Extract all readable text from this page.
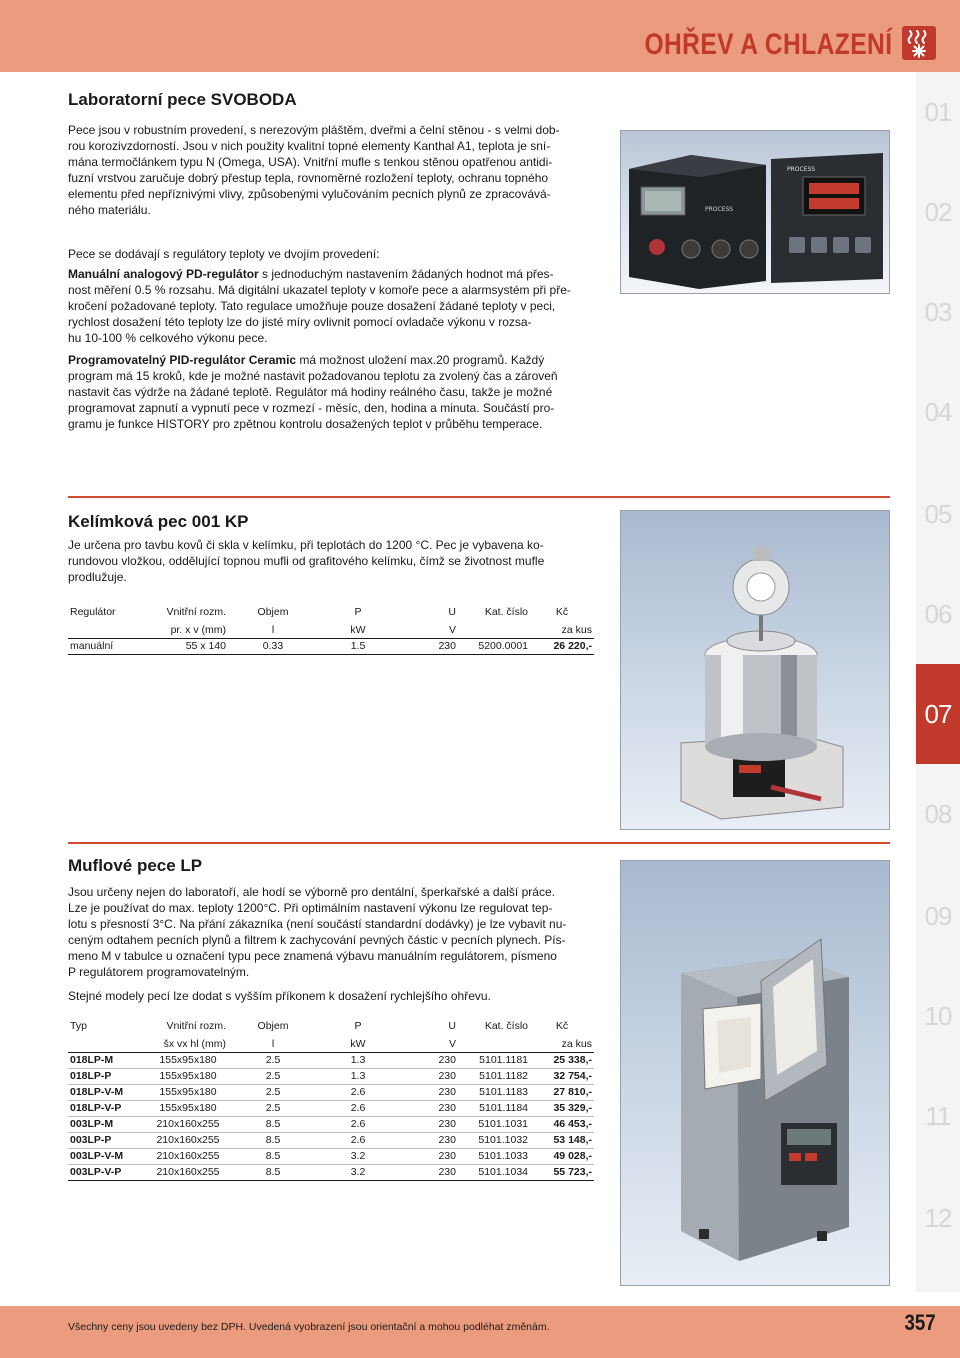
OHŘEV A CHLAZENÍ
01
02
03
04
05
06
07
08
09
10
11
12
Laboratorní pece SVOBODA
Pece jsou v robustním provedení, s nerezovým pláštěm, dveřmi a čelní stěnou - s velmi dob-
rou korozivzdorností. Jsou v nich použity kvalitní topné elementy Kanthal A1, teplota je sní-
mána termočlánkem typu N (Omega, USA). Vnitřní mufle s tenkou stěnou opatřenou antidi-
fuzní vrstvou zaručuje dobrý přestup tepla, rovnoměrné rozložení teploty, ochranu topného
elementu před nepříznivými vlivy, způsobenými vylučováním pecních plynů ze zpracovává-
ného materiálu.
Pece se dodávají s regulátory teploty ve dvojím provedení:
Manuální analogový PD-regulátor s jednoduchým nastavením žádaných hodnot má přes-
nost měření 0.5 % rozsahu. Má digitální ukazatel teploty v komoře pece a alarmsystém při pře-
kročení požadované teploty. Tato regulace umožňuje pouze dosažení žádané teploty v peci,
rychlost dosažení této teploty lze do jisté míry ovlivnit pomocí ovladače výkonu v rozsa-
hu 10-100 % celkového výkonu pece.
Programovatelný PID-regulátor Ceramic má možnost uložení max.20 programů. Každý
program má 15 kroků, kde je možné nastavit požadovanou teplotu za zvolený čas a zároveň
nastavit čas výdrže na žádané teplotě. Regulátor má hodiny reálného času, takže je možné
programovat zapnutí a vypnutí pece v rozmezí - měsíc, den, hodina a minuta. Součástí pro-
gramu je funkce HISTORY pro zpětnou kontrolu dosažených teplot v průběhu temperace.
PROCESS
PROCESS
Kelímková pec 001 KP
Je určena pro tavbu kovů či skla v kelímku, při teplotách do 1200 °C. Pec je vybavena ko-
rundovou vložkou, oddělující topnou mufli od grafitového kelímku, čímž se životnost mufle
prodlužuje.
Regulátor	Vnitřní rozm.	Objem	P	U	Kat. číslo	Kč
	pr. x v (mm)	l	kW	V		za kus
manuální	55 x 140	0.33	1.5	230	5200.0001	26 220,-
Muflové pece LP
Jsou určeny nejen do laboratoří, ale hodí se výborně pro dentální, šperkařské a další práce.
Lze je používat do max. teploty 1200°C. Při optimálním nastavení výkonu lze regulovat tep-
lotu s přesností 3°C. Na přání zákazníka (není součástí standardní dodávky) je lze vybavit nu-
ceným odtahem pecních plynů a filtrem k zachycování pevných částic v pecních plynech. Pís-
meno M v tabulce u označení typu pece znamená výbavu manuálním regulátorem, písmeno
P regulátorem programovatelným.
Stejné modely pecí lze dodat s vyšším příkonem k dosažení rychlejšího ohřevu.
Typ	Vnitřní rozm.	Objem	P	U	Kat. číslo	Kč
	šx vx hl (mm)	l	kW	V		za kus
018LP-M	155x95x180	2.5	1.3	230	5101.1181	25 338,-
018LP-P	155x95x180	2.5	1.3	230	5101.1182	32 754,-
018LP-V-M	155x95x180	2.5	2.6	230	5101.1183	27 810,-
018LP-V-P	155x95x180	2.5	2.6	230	5101.1184	35 329,-
003LP-M	210x160x255	8.5	2.6	230	5101.1031	46 453,-
003LP-P	210x160x255	8.5	2.6	230	5101.1032	53 148,-
003LP-V-M	210x160x255	8.5	3.2	230	5101.1033	49 028,-
003LP-V-P	210x160x255	8.5	3.2	230	5101.1034	55 723,-
Všechny ceny jsou uvedeny bez DPH. Uvedená vyobrazení jsou orientační a mohou podléhat změnám.	357
